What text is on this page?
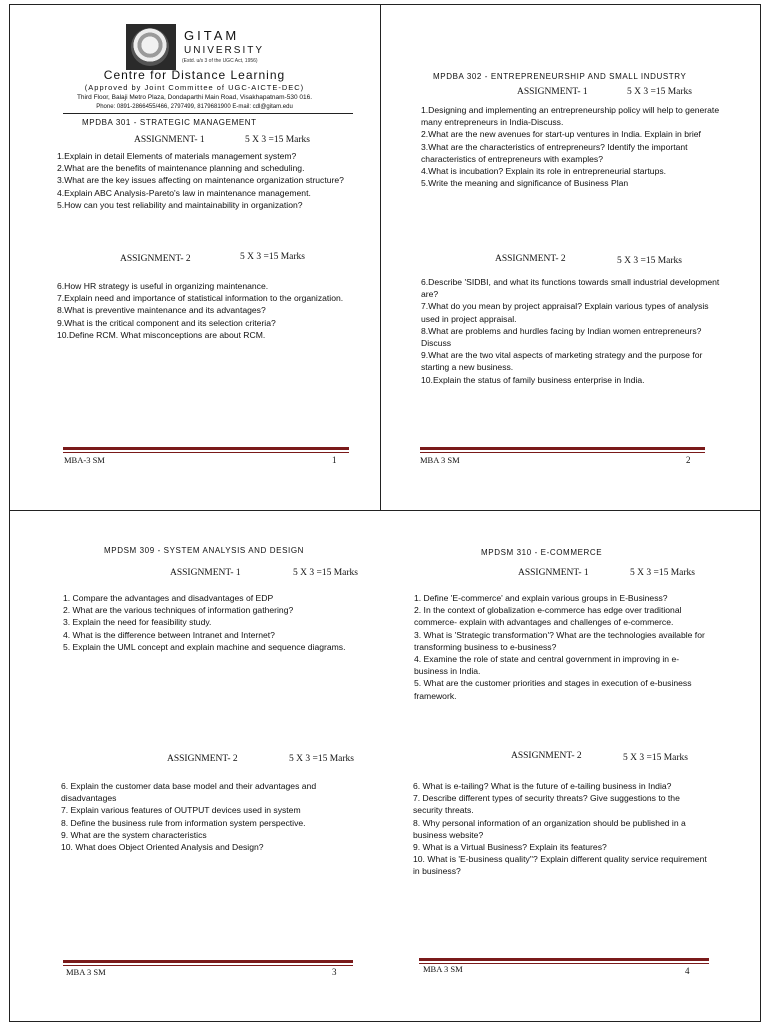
GITAM
UNIVERSITY
(Estd. u/s 3 of the UGC Act, 1956)
Centre for Distance Learning
(Approved by Joint Committee of UGC-AICTE-DEC)
Third Floor, Balaji Metro Plaza, Dondaparthi Main Road, Visakhapatnam-530 016.
Phone: 0891-2866455/466, 2797499, 8179681900 E-mail: cdl@gitam.edu
MPDBA 301 - STRATEGIC MANAGEMENT
ASSIGNMENT- 1	5 X 3 =15 Marks
1.Explain in detail Elements of materials management system?
2.What are the benefits of maintenance planning and scheduling.
3.What are the key issues affecting on maintenance organization structure?
4.Explain ABC Analysis-Pareto's law in maintenance management.
5.How can you test reliability and maintainability in organization?
ASSIGNMENT- 2	5 X 3 =15 Marks
6.How HR strategy is useful in organizing maintenance.
7.Explain need and importance of statistical information to the organization.
8.What is preventive maintenance and its advantages?
9.What is the critical component and its selection criteria?
10.Define RCM. What misconceptions are about RCM.
MBA-3 SM	1
MPDBA 302 - ENTREPRENEURSHIP AND SMALL INDUSTRY
ASSIGNMENT- 1	5 X 3 =15 Marks
1.Designing and implementing an entrepreneurship policy will help to generate many entrepreneurs in India-Discuss.
2.What are the new avenues for start-up ventures in India. Explain in brief
3.What are the characteristics of entrepreneurs? Identify the important characteristics of entrepreneurs with examples?
4.What is incubation? Explain its role in entrepreneurial startups.
5.Write the meaning and significance of Business Plan
ASSIGNMENT- 2	5 X 3 =15 Marks
6.Describe 'SIDBI, and what its functions towards small industrial development are?
7.What do you mean by project appraisal? Explain various types of analysis used in project appraisal.
8.What are problems and hurdles facing by Indian women entrepreneurs? Discuss
9.What are the two vital aspects of marketing strategy and the purpose for starting a new business.
10.Explain the status of family business enterprise in India.
MBA 3 SM	2
MPDSM 309 - SYSTEM ANALYSIS AND DESIGN
ASSIGNMENT- 1	5 X 3 =15 Marks
1. Compare the advantages and disadvantages of EDP
2. What are the various techniques of information gathering?
3. Explain the need for feasibility study.
4. What is the difference between Intranet and Internet?
5. Explain the UML concept and explain machine and sequence diagrams.
ASSIGNMENT- 2	5 X 3 =15 Marks
6. Explain the customer data base model and their advantages and disadvantages
7. Explain various features of OUTPUT devices used in system
8. Define the business rule from information system perspective.
9. What are the system characteristics
10. What does Object Oriented Analysis and Design?
MBA 3 SM	3
MPDSM 310 - E-COMMERCE
ASSIGNMENT- 1	5 X 3 =15 Marks
1. Define 'E-commerce' and explain various groups in E-Business?
2. In the context of globalization e-commerce has edge over traditional commerce- explain with advantages and challenges of e-commerce.
3. What is 'Strategic transformation'? What are the technologies available for transforming business to e-business?
4. Examine the role of state and central government in improving in e-business in India.
5. What are the customer priorities and stages in execution of e-business framework.
ASSIGNMENT- 2	5 X 3 =15 Marks
6. What is e-tailing? What is the future of e-tailing business in India?
7. Describe different types of security threats? Give suggestions to the security threats.
8. Why personal information of an organization should be published in a business website?
9. What is a Virtual Business? Explain its features?
10. What is 'E-business quality''? Explain different quality service requirement in business?
MBA 3 SM	4
